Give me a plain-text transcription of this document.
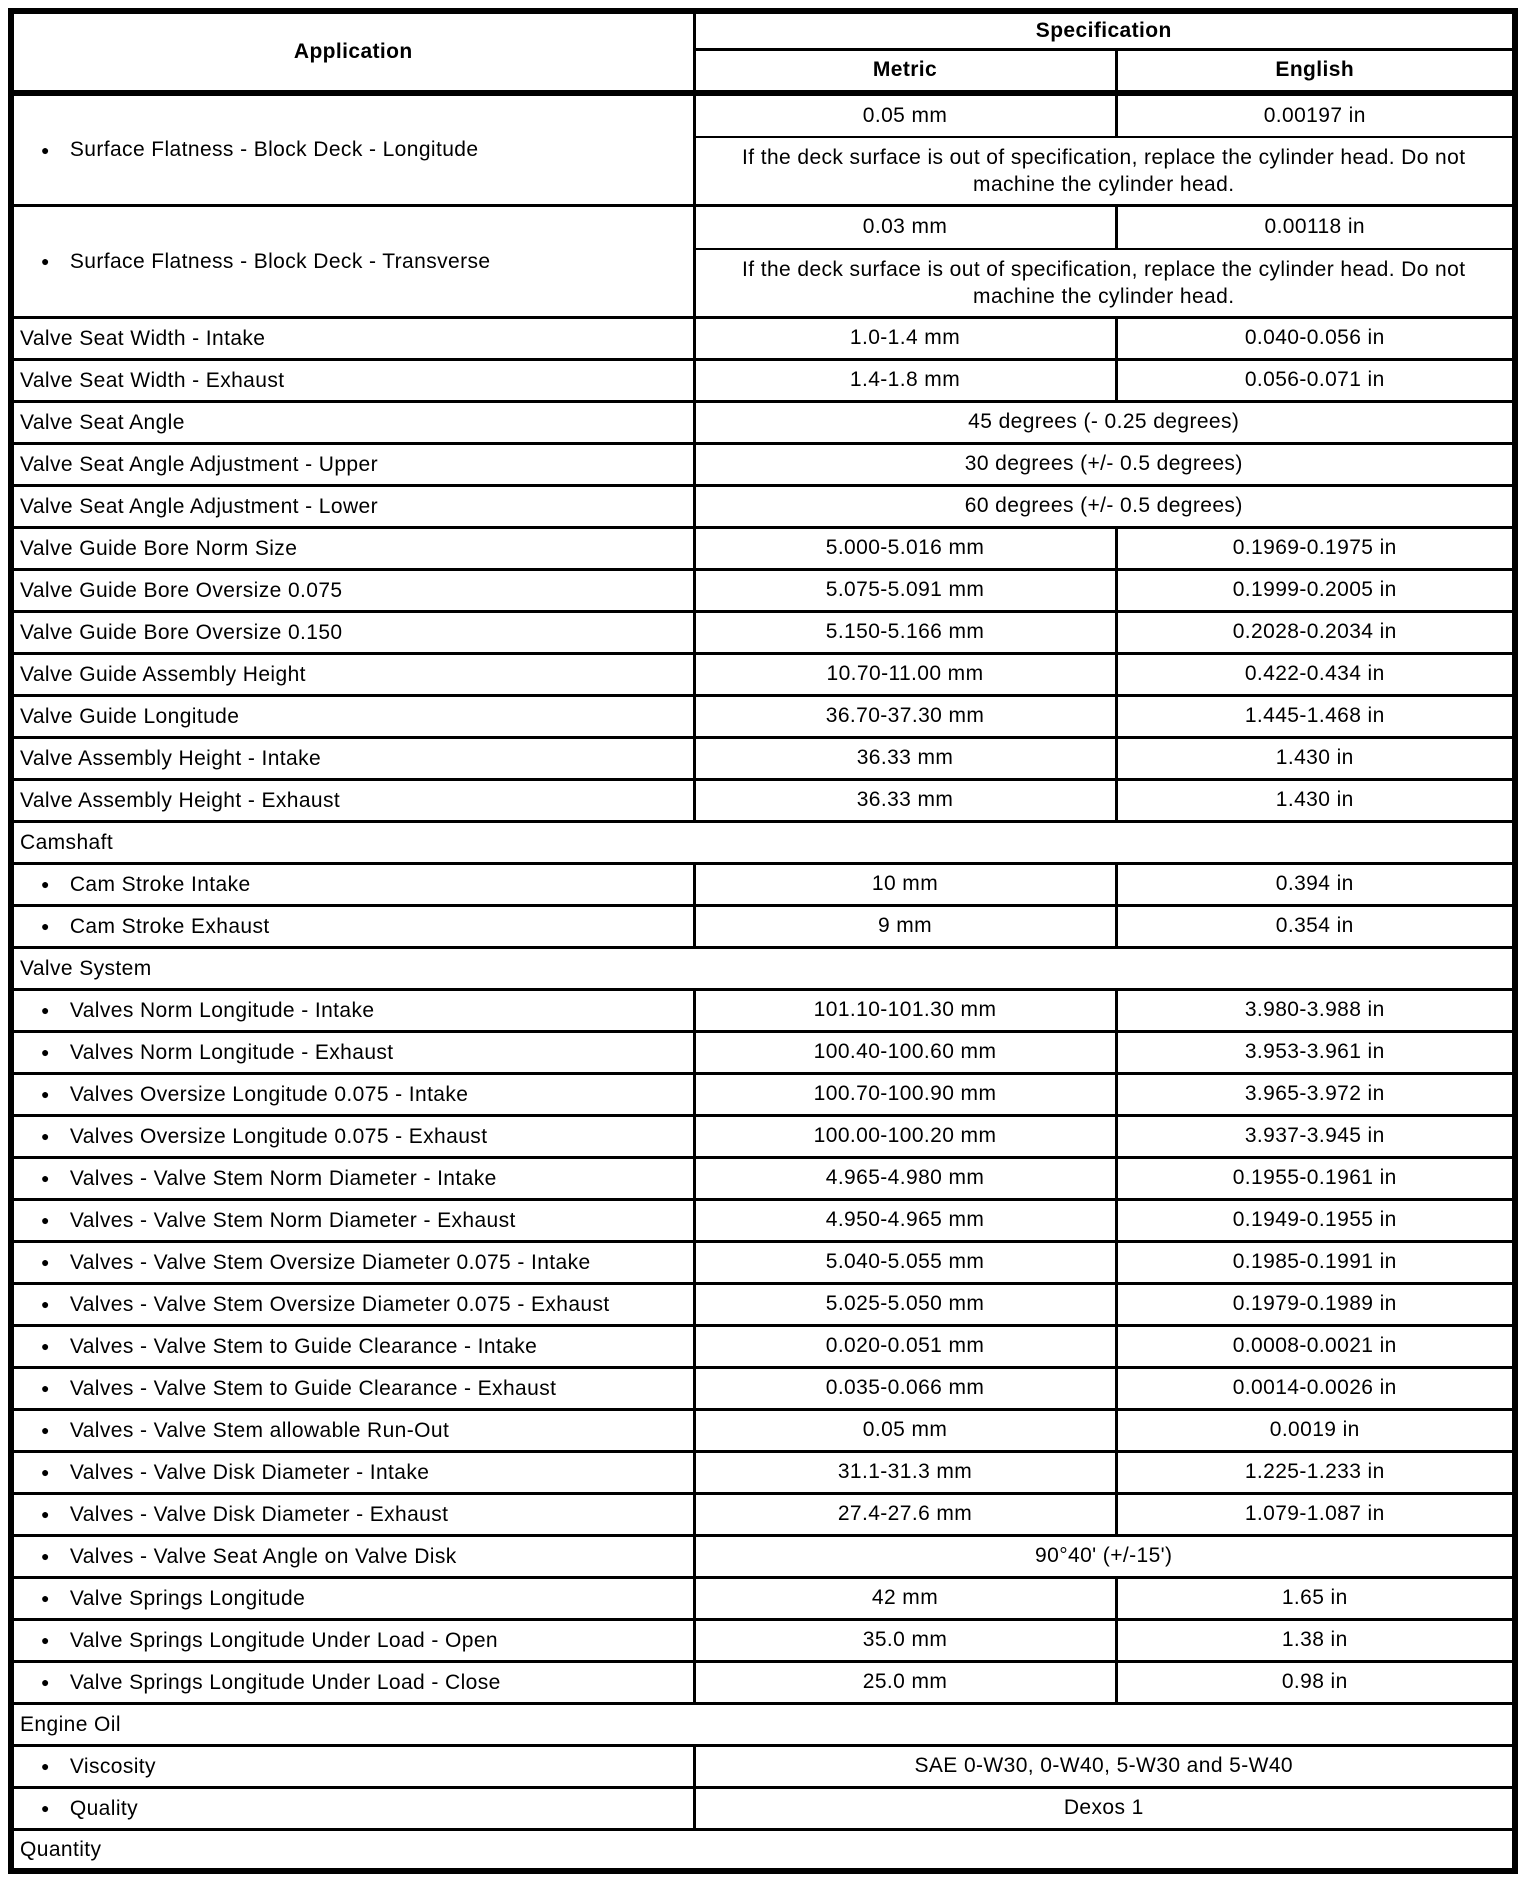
Application	Specification	
	Metric	English

● Surface Flatness - Block Deck - Longitude	0.05 mm	0.00197 in

	If the deck surface is out of specification, replace the cylinder head. Do not machine the cylinder head.	

● Surface Flatness - Block Deck - Transverse	0.03 mm	0.00118 in

	If the deck surface is out of specification, replace the cylinder head. Do not machine the cylinder head.	

Valve Seat Width - Intake	1.0-1.4 mm	0.040-0.056 in

Valve Seat Width - Exhaust	1.4-1.8 mm	0.056-0.071 in

Valve Seat Angle	45 degrees (- 0.25 degrees)	

Valve Seat Angle Adjustment - Upper	30 degrees (+/- 0.5 degrees)	

Valve Seat Angle Adjustment - Lower	60 degrees (+/- 0.5 degrees)	

Valve Guide Bore Norm Size	5.000-5.016 mm	0.1969-0.1975 in

Valve Guide Bore Oversize 0.075	5.075-5.091 mm	0.1999-0.2005 in

Valve Guide Bore Oversize 0.150	5.150-5.166 mm	0.2028-0.2034 in

Valve Guide Assembly Height	10.70-11.00 mm	0.422-0.434 in

Valve Guide Longitude	36.70-37.30 mm	1.445-1.468 in

Valve Assembly Height - Intake	36.33 mm	1.430 in

Valve Assembly Height - Exhaust	36.33 mm	1.430 in

Camshaft		

● Cam Stroke Intake	10 mm	0.394 in

● Cam Stroke Exhaust	9 mm	0.354 in

Valve System		

● Valves Norm Longitude - Intake	101.10-101.30 mm	3.980-3.988 in

● Valves Norm Longitude - Exhaust	100.40-100.60 mm	3.953-3.961 in

● Valves Oversize Longitude 0.075 - Intake	100.70-100.90 mm	3.965-3.972 in

● Valves Oversize Longitude 0.075 - Exhaust	100.00-100.20 mm	3.937-3.945 in

● Valves - Valve Stem Norm Diameter - Intake	4.965-4.980 mm	0.1955-0.1961 in

● Valves - Valve Stem Norm Diameter - Exhaust	4.950-4.965 mm	0.1949-0.1955 in

● Valves - Valve Stem Oversize Diameter 0.075 - Intake	5.040-5.055 mm	0.1985-0.1991 in

● Valves - Valve Stem Oversize Diameter 0.075 - Exhaust	5.025-5.050 mm	0.1979-0.1989 in

● Valves - Valve Stem to Guide Clearance - Intake	0.020-0.051 mm	0.0008-0.0021 in

● Valves - Valve Stem to Guide Clearance - Exhaust	0.035-0.066 mm	0.0014-0.0026 in

● Valves - Valve Stem allowable Run-Out	0.05 mm	0.0019 in

● Valves - Valve Disk Diameter - Intake	31.1-31.3 mm	1.225-1.233 in

● Valves - Valve Disk Diameter - Exhaust	27.4-27.6 mm	1.079-1.087 in

● Valves - Valve Seat Angle on Valve Disk	90°40' (+/-15')	

● Valve Springs Longitude	42 mm	1.65 in

● Valve Springs Longitude Under Load - Open	35.0 mm	1.38 in

● Valve Springs Longitude Under Load - Close	25.0 mm	0.98 in

Engine Oil		

● Viscosity	SAE 0-W30, 0-W40, 5-W30 and 5-W40	

● Quality	Dexos 1	

Quantity		
